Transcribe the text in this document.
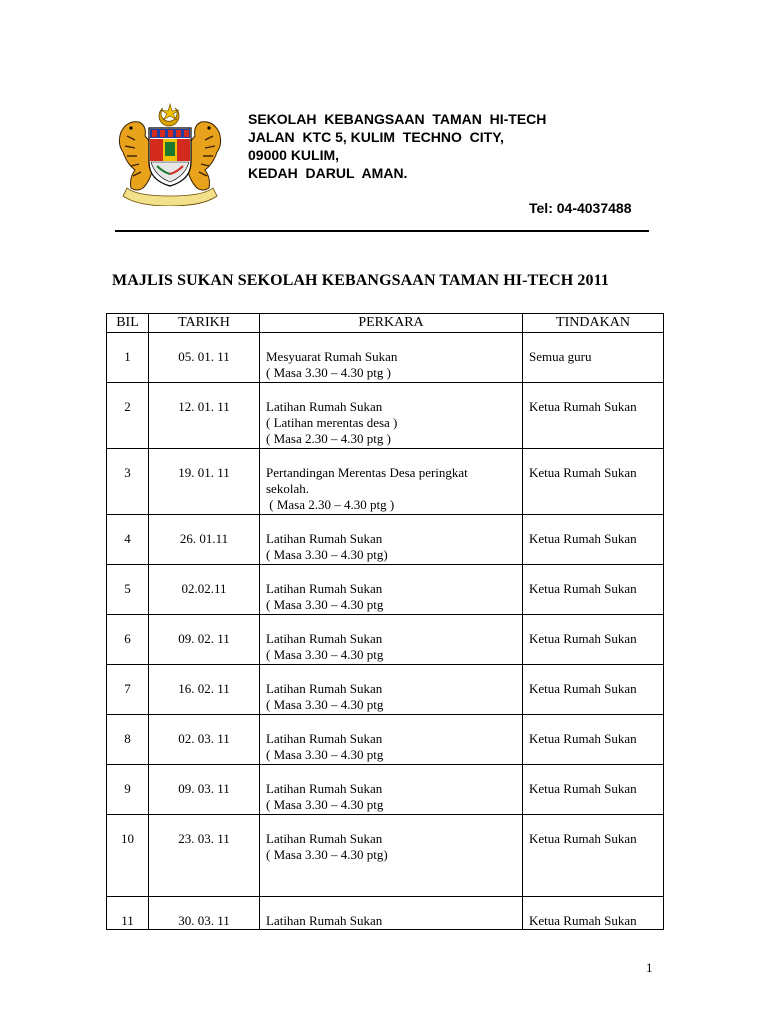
SEKOLAH  KEBANGSAAN  TAMAN  HI-TECH
JALAN  KTC 5, KULIM  TECHNO  CITY,
09000 KULIM,
KEDAH  DARUL  AMAN.
Tel: 04-4037488
MAJLIS SUKAN SEKOLAH KEBANGSAAN TAMAN HI-TECH 2011
BIL	TARIKH	PERKARA	TINDAKAN

1	05. 01. 11	Mesyuarat Rumah Sukan
( Masa 3.30 – 4.30 ptg )	Semua guru

2	12. 01. 11	Latihan Rumah Sukan
( Latihan merentas desa )
( Masa 2.30 – 4.30 ptg )	Ketua Rumah Sukan

3	19. 01. 11	Pertandingan Merentas Desa peringkat
sekolah.
( Masa 2.30 – 4.30 ptg )	Ketua Rumah Sukan

4	26. 01.11	Latihan Rumah Sukan
( Masa 3.30 – 4.30 ptg)	Ketua Rumah Sukan

5	02.02.11	Latihan Rumah Sukan
( Masa 3.30 – 4.30 ptg	Ketua Rumah Sukan

6	09. 02. 11	Latihan Rumah Sukan
( Masa 3.30 – 4.30 ptg	Ketua Rumah Sukan

7	16. 02. 11	Latihan Rumah Sukan
( Masa 3.30 – 4.30 ptg	Ketua Rumah Sukan

8	02. 03. 11	Latihan Rumah Sukan
( Masa 3.30 – 4.30 ptg	Ketua Rumah Sukan

9	09. 03. 11	Latihan Rumah Sukan
( Masa 3.30 – 4.30 ptg	Ketua Rumah Sukan

10	23. 03. 11	Latihan Rumah Sukan
( Masa 3.30 – 4.30 ptg)	Ketua Rumah Sukan

11	30. 03. 11	Latihan Rumah Sukan	Ketua Rumah Sukan
1
